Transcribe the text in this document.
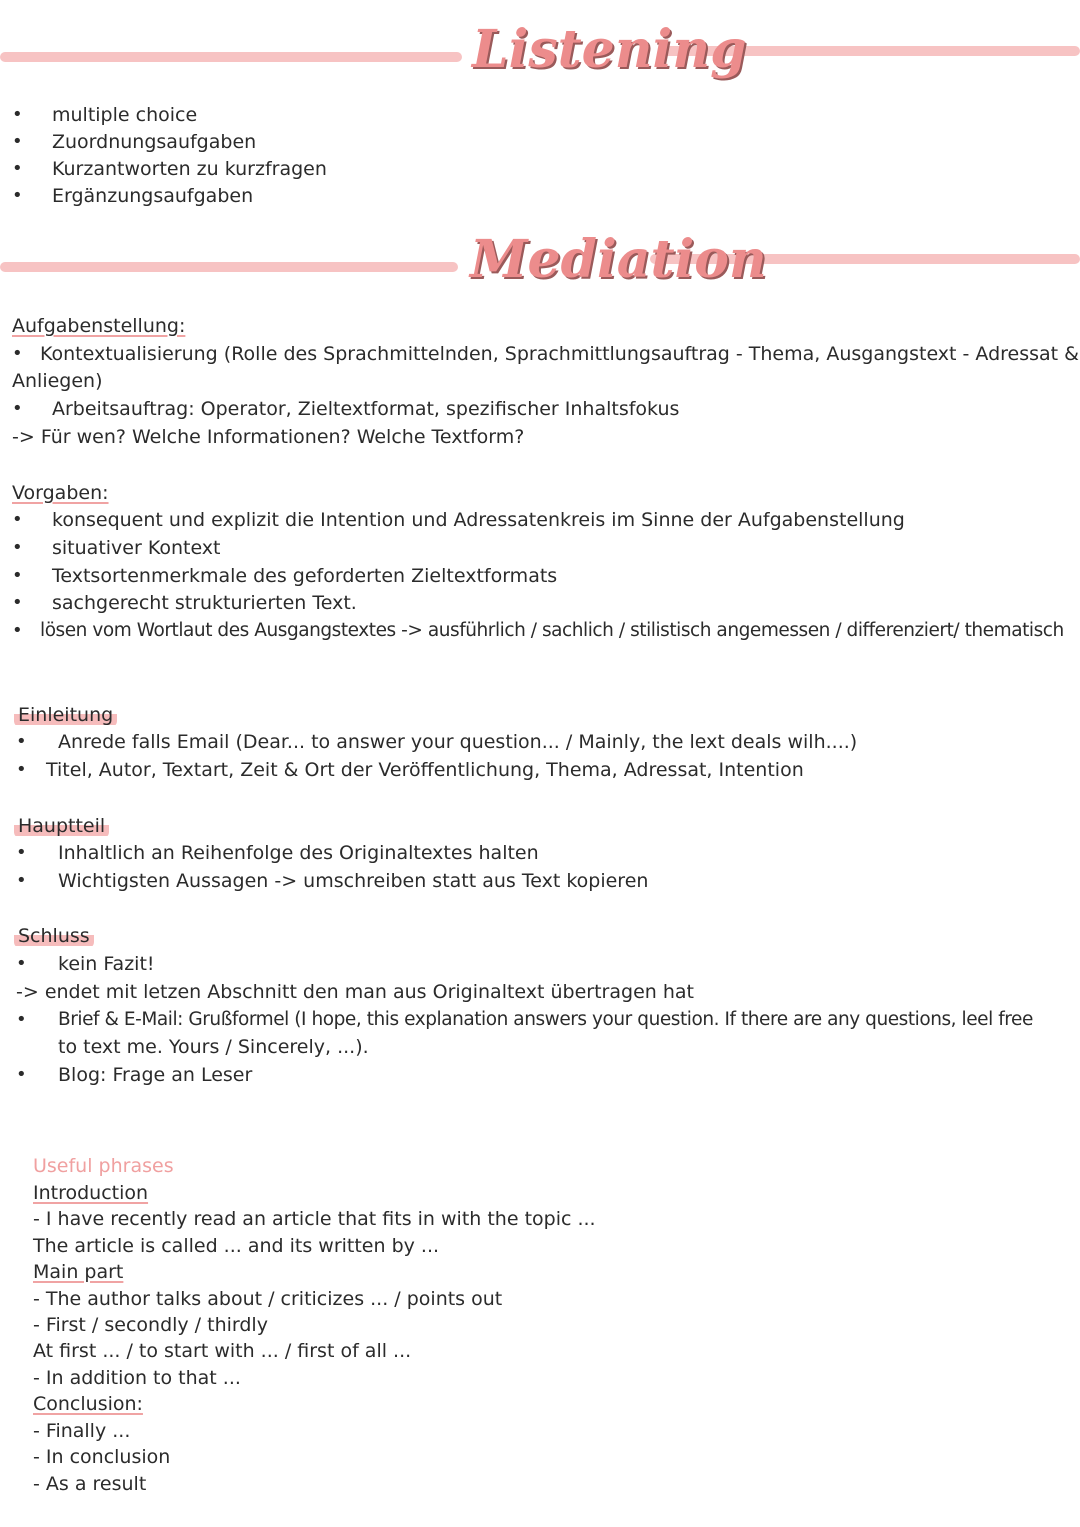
Listening
• multiple choice
• Zuordnungsaufgaben
• Kurzantworten zu kurzfragen
• Ergänzungsaufgaben
Mediation
Aufgabenstellung:
• Kontextualisierung (Rolle des Sprachmittelnden, Sprachmittlungsauftrag - Thema, Ausgangstext - Adressat &
Anliegen)
• Arbeitsauftrag: Operator, Zieltextformat, spezifischer Inhaltsfokus
-> Für wen? Welche Informationen? Welche Textform?
Vorgaben:
• konsequent und explizit die Intention und Adressatenkreis im Sinne der Aufgabenstellung
• situativer Kontext
• Textsortenmerkmale des geforderten Zieltextformats
• sachgerecht strukturierten Text.
• lösen vom Wortlaut des Ausgangstextes -> ausführlich / sachlich / stilistisch angemessen / differenziert/ thematisch
Einleitung
• Anrede falls Email (Dear... to answer your question... / Mainly, the lext deals wilh....)
• Titel, Autor, Textart, Zeit & Ort der Veröffentlichung, Thema, Adressat, Intention
Hauptteil
• Inhaltlich an Reihenfolge des Originaltextes halten
• Wichtigsten Aussagen -> umschreiben statt aus Text kopieren
Schluss
• kein Fazit!
-> endet mit letzen Abschnitt den man aus Originaltext übertragen hat
• Brief & E-Mail: Grußformel (I hope, this explanation answers your question. If there are any questions, leel free
to text me. Yours / Sincerely, ...).
• Blog: Frage an Leser
Useful phrases
Introduction
- I have recently read an article that fits in with the topic ...
The article is called ... and its written by ...
Main part
- The author talks about / criticizes ... / points out
- First / secondly / thirdly
At first ... / to start with ... / first of all ...
- In addition to that ...
Conclusion:
- Finally ...
- In conclusion
- As a result
